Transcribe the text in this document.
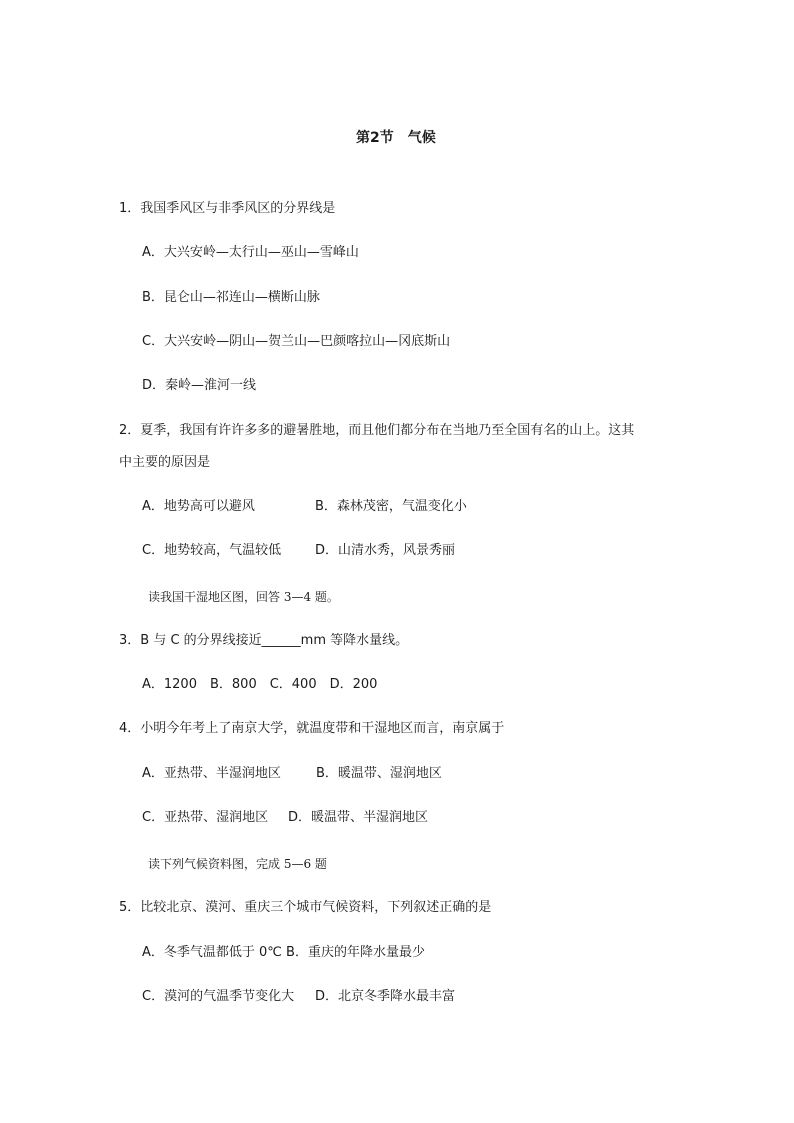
第2节　气候
1．我国季风区与非季风区的分界线是
A．大兴安岭—太行山—巫山—雪峰山
B．昆仑山—祁连山—横断山脉
C．大兴安岭—阴山—贺兰山—巴颜喀拉山—冈底斯山
D．秦岭—淮河一线
2．夏季，我国有许许多多的避暑胜地，而且他们都分布在当地乃至全国有名的山上。这其
中主要的原因是
A．地势高可以避风	B．森林茂密，气温变化小
C．地势较高，气温较低	D．山清水秀，风景秀丽
读我国干湿地区图，回答 3—4 题。
3．B 与 C 的分界线接近______mm 等降水量线。
A．1200　B．800　C．400　D．200
4．小明今年考上了南京大学，就温度带和干湿地区而言，南京属于
A．亚热带、半湿润地区	B．暖温带、湿润地区
C．亚热带、湿润地区 D．暖温带、半湿润地区
读下列气候资料图，完成 5—6 题
5．比较北京、漠河、重庆三个城市气候资料，下列叙述正确的是
A．冬季气温都低于 0℃ B．重庆的年降水量最少
C．漠河的气温季节变化大 D．北京冬季降水最丰富
